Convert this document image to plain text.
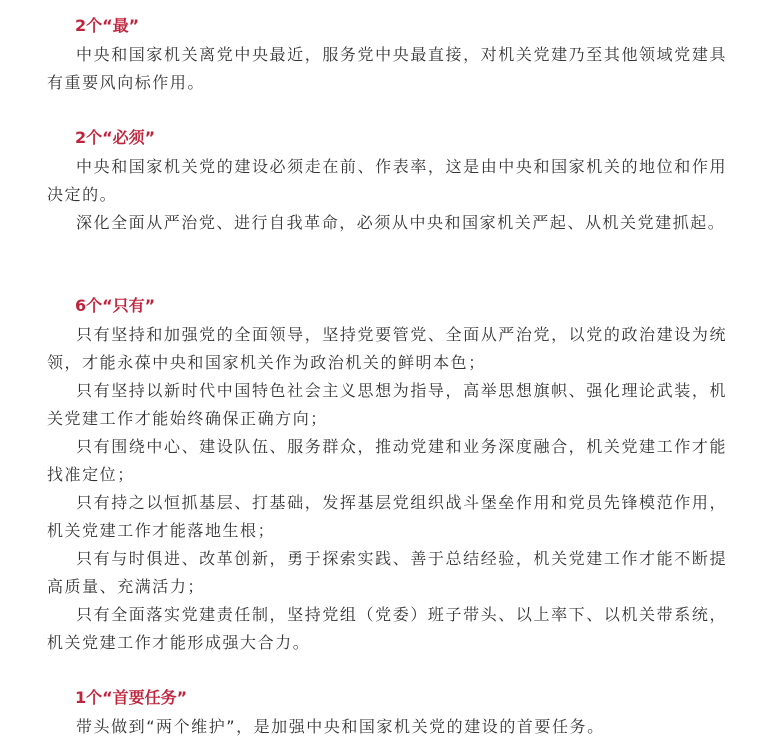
2个“最”

中央和国家机关离党中央最近，服务党中央最直接，对机关党建乃至其他领域党建具有重要风向标作用。

2个“必须”

中央和国家机关党的建设必须走在前、作表率，这是由中央和国家机关的地位和作用决定的。

深化全面从严治党、进行自我革命，必须从中央和国家机关严起、从机关党建抓起。

6个“只有”

只有坚持和加强党的全面领导，坚持党要管党、全面从严治党，以党的政治建设为统领，才能永葆中央和国家机关作为政治机关的鲜明本色；

只有坚持以新时代中国特色社会主义思想为指导，高举思想旗帜、强化理论武装，机关党建工作才能始终确保正确方向；

只有围绕中心、建设队伍、服务群众，推动党建和业务深度融合，机关党建工作才能找准定位；

只有持之以恒抓基层、打基础，发挥基层党组织战斗堡垒作用和党员先锋模范作用，机关党建工作才能落地生根；

只有与时俱进、改革创新，勇于探索实践、善于总结经验，机关党建工作才能不断提高质量、充满活力；

只有全面落实党建责任制，坚持党组（党委）班子带头、以上率下、以机关带系统，机关党建工作才能形成强大合力。

1个“首要任务”

带头做到“两个维护”，是加强中央和国家机关党的建设的首要任务。
